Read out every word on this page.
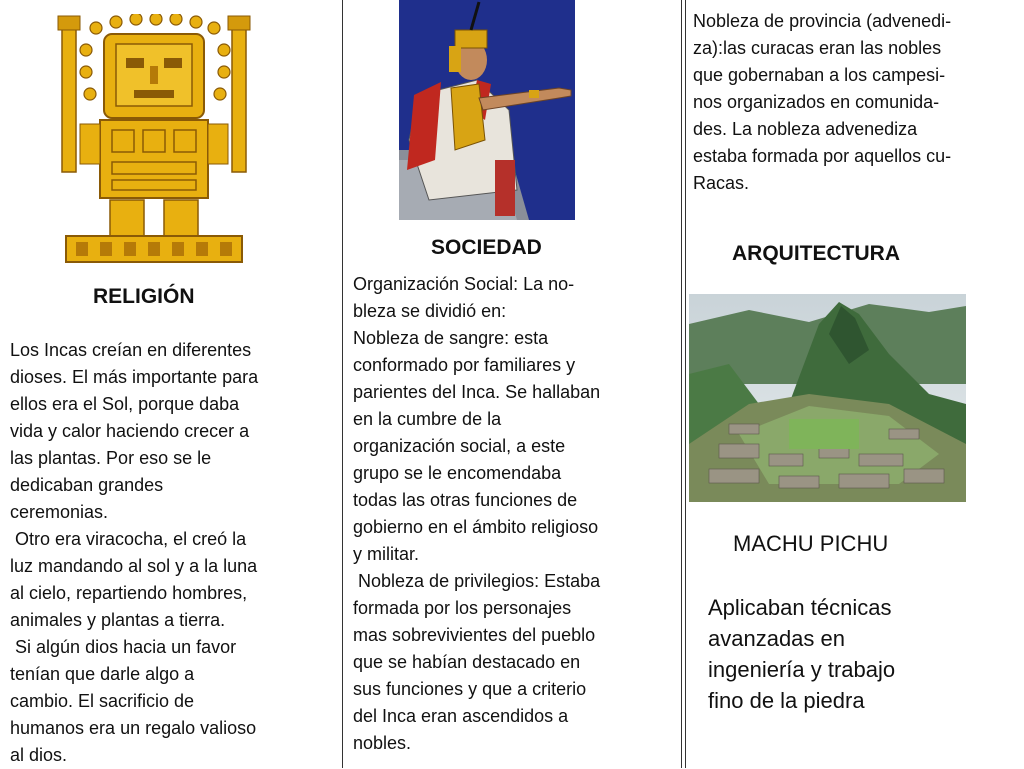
RELIGIÓN
Los Incas creían en diferentes
dioses. El más importante para
ellos era el Sol, porque daba
vida y calor haciendo crecer a
las plantas. Por eso se le
dedicaban grandes
ceremonias.
Otro era viracocha, el creó la
luz mandando al sol y a la luna
al cielo, repartiendo hombres,
animales y plantas a tierra.
Si algún dios hacia un favor
tenían que darle algo a
cambio. El sacrificio de
humanos era un regalo valioso
al dios.
SOCIEDAD
Organización Social: La no-
bleza se dividió en:
Nobleza de sangre: esta
conformado por familiares y
parientes del Inca. Se hallaban
en la cumbre de la
organización social, a este
grupo se le encomendaba
todas las otras funciones de
gobierno en el ámbito religioso
y militar.
Nobleza de privilegios: Estaba
formada por los personajes
mas sobrevivientes del pueblo
que se habían destacado en
sus funciones y que a criterio
del Inca eran ascendidos a
nobles.
Nobleza de provincia (advenedi-
za):las curacas eran las nobles
que gobernaban a los campesi-
nos organizados en comunida-
des. La nobleza advenediza
estaba formada por aquellos cu-
Racas.
ARQUITECTURA
MACHU PICHU
Aplicaban técnicas
avanzadas en
ingeniería y trabajo
fino de la piedra
